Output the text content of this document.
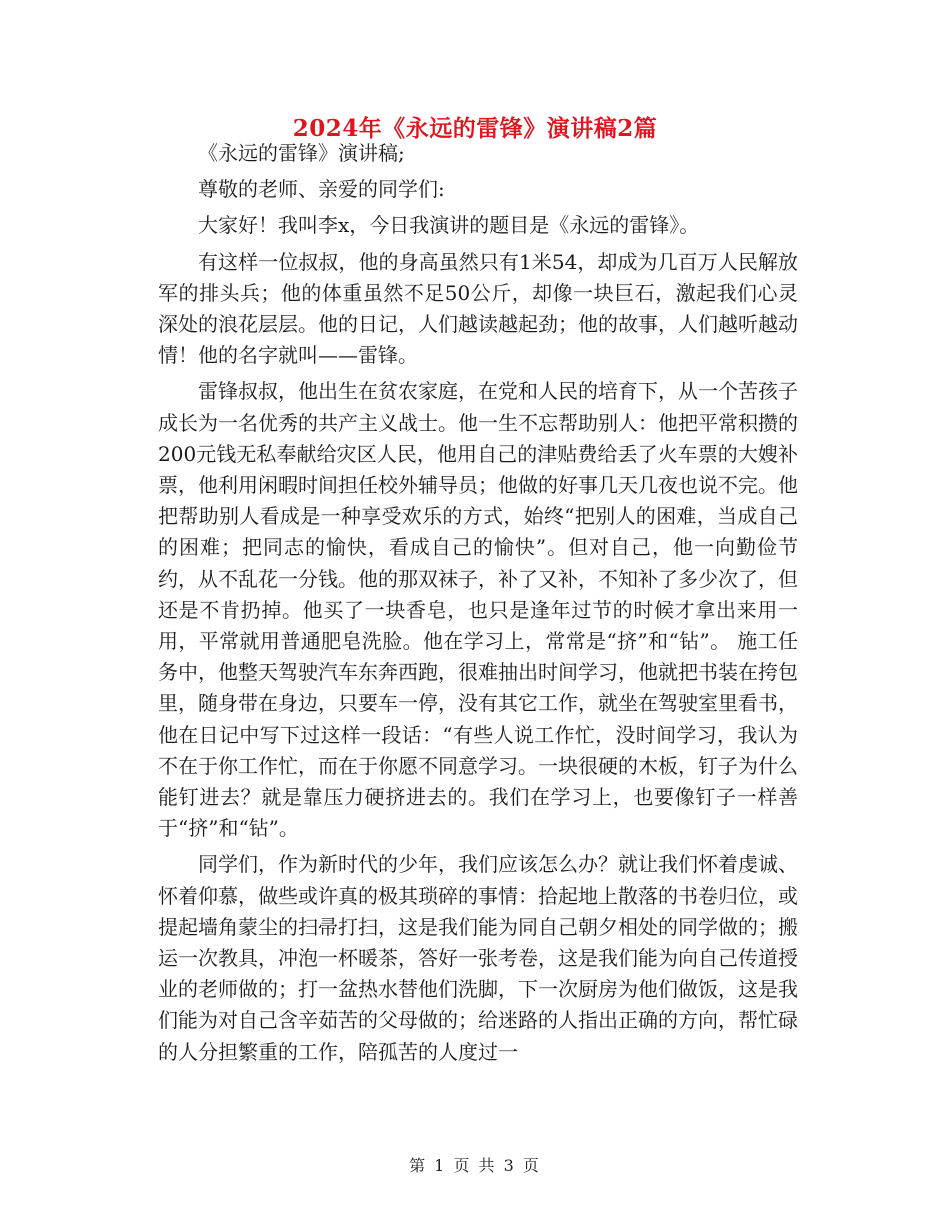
2024年《永远的雷锋》演讲稿2篇

《永远的雷锋》演讲稿;

尊敬的老师、亲爱的同学们:

大家好！我叫李x，今日我演讲的题目是《永远的雷锋》。

有这样一位叔叔，他的身高虽然只有1米54，却成为几百万人民解放军的排头兵；他的体重虽然不足50公斤，却像一块巨石，激起我们心灵深处的浪花层层。他的日记，人们越读越起劲；他的故事，人们越听越动情！他的名字就叫——雷锋。

雷锋叔叔，他出生在贫农家庭，在党和人民的培育下，从一个苦孩子成长为一名优秀的共产主义战士。他一生不忘帮助别人：他把平常积攒的200元钱无私奉献给灾区人民，他用自己的津贴费给丢了火车票的大嫂补票，他利用闲暇时间担任校外辅导员；他做的好事几天几夜也说不完。他把帮助别人看成是一种享受欢乐的方式，始终“把别人的困难，当成自己的困难；把同志的愉快，看成自己的愉快”。但对自己，他一向勤俭节约，从不乱花一分钱。他的那双袜子，补了又补，不知补了多少次了，但还是不肯扔掉。他买了一块香皂，也只是逢年过节的时候才拿出来用一用，平常就用普通肥皂洗脸。他在学习上，常常是“挤”和“钻”。 施工任务中，他整天驾驶汽车东奔西跑，很难抽出时间学习，他就把书装在挎包里，随身带在身边，只要车一停，没有其它工作，就坐在驾驶室里看书，他在日记中写下过这样一段话：“有些人说工作忙，没时间学习，我认为不在于你工作忙，而在于你愿不同意学习。一块很硬的木板，钉子为什么能钉进去？就是靠压力硬挤进去的。我们在学习上，也要像钉子一样善于“挤”和“钻”。

同学们，作为新时代的少年，我们应该怎么办？就让我们怀着虔诚、怀着仰慕，做些或许真的极其琐碎的事情：拾起地上散落的书卷归位，或提起墙角蒙尘的扫帚打扫，这是我们能为同自己朝夕相处的同学做的；搬运一次教具，冲泡一杯暖茶，答好一张考卷，这是我们能为向自己传道授业的老师做的；打一盆热水替他们洗脚，下一次厨房为他们做饭，这是我们能为对自己含辛茹苦的父母做的；给迷路的人指出正确的方向，帮忙碌的人分担繁重的工作，陪孤苦的人度过一

第 1 页 共 3 页
